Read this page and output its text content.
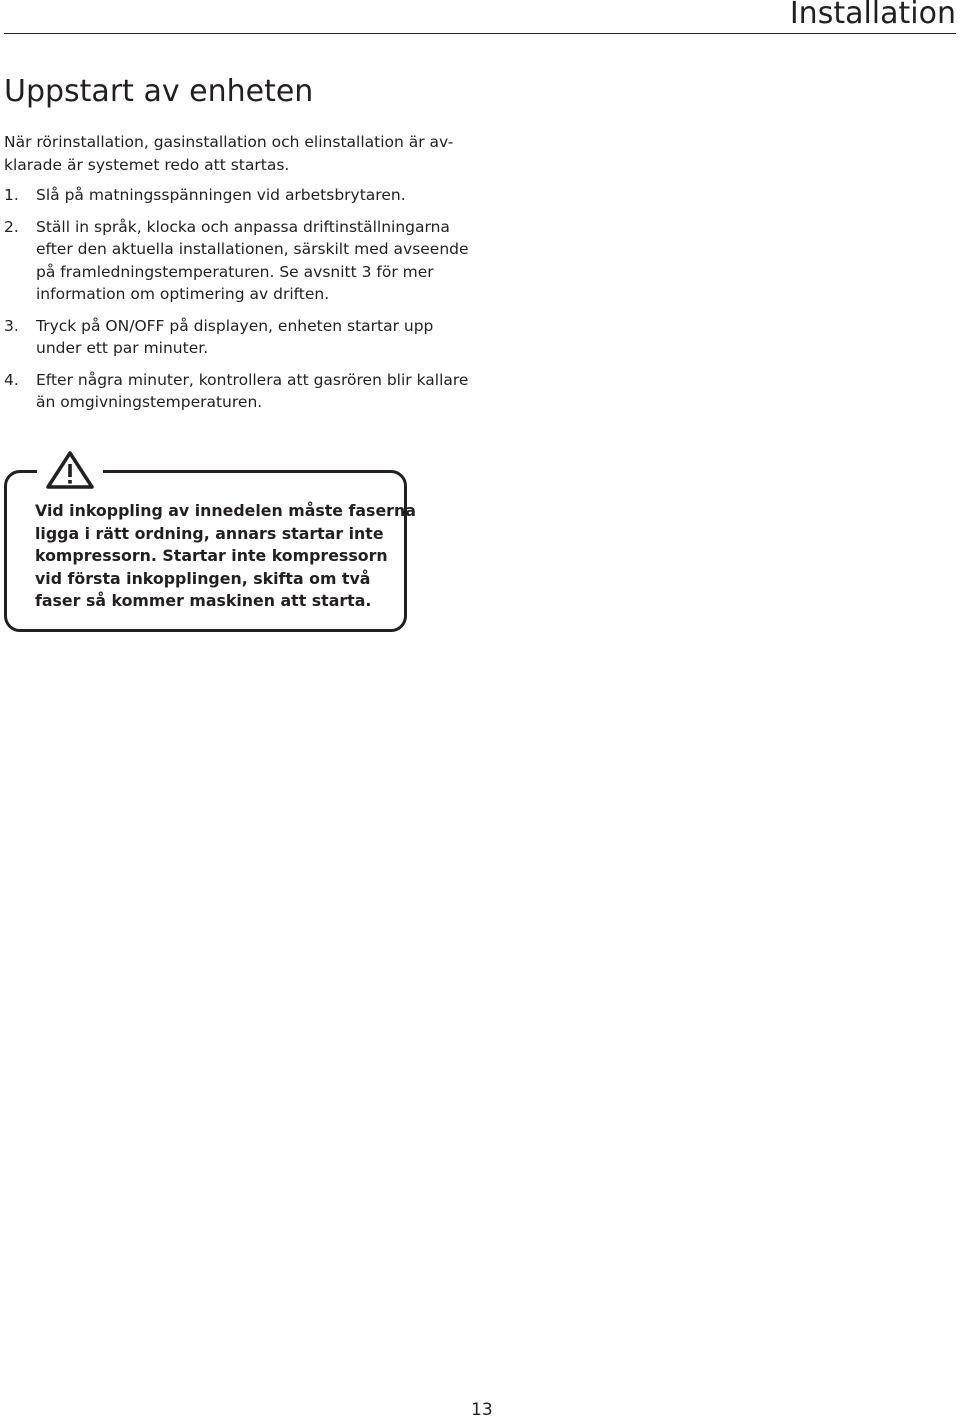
Installation
Uppstart av enheten

När rörinstallation, gasinstallation och elinstallation är av-
klarade är systemet redo att startas.

1. Slå på matningsspänningen vid arbetsbrytaren.
2. Ställ in språk, klocka och anpassa driftinställningarna
efter den aktuella installationen, särskilt med avseende
på framledningstemperaturen. Se avsnitt 3 för mer
information om optimering av driften.
3. Tryck på ON/OFF på displayen, enheten startar upp
under ett par minuter.
4. Efter några minuter, kontrollera att gasrören blir kallare
än omgivningstemperaturen.

Vid inkoppling av innedelen måste faserna
ligga i rätt ordning, annars startar inte
kompressorn. Startar inte kompressorn
vid första inkopplingen, skifta om två
faser så kommer maskinen att starta.

13
